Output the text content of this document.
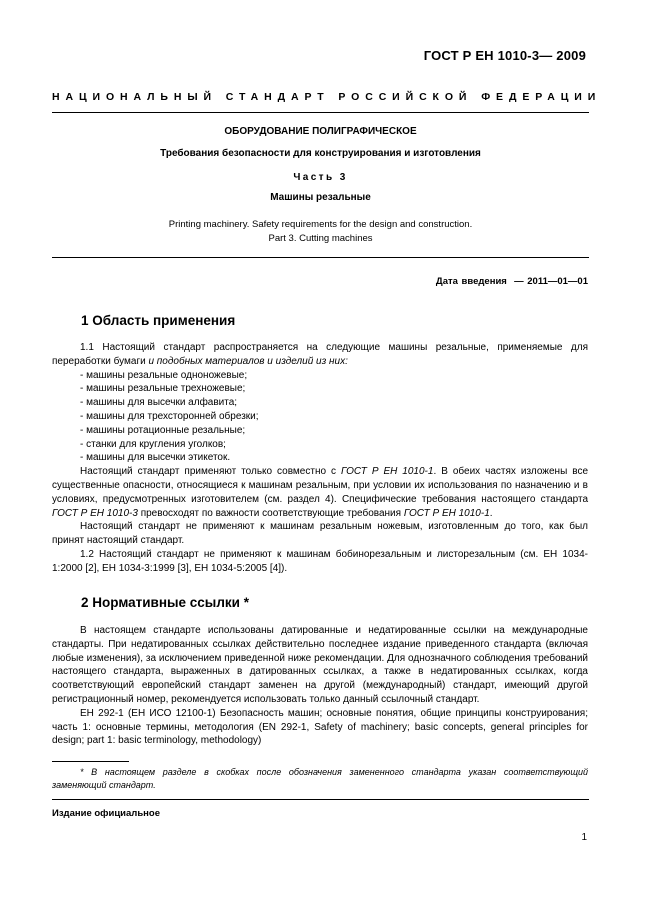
ГОСТ Р ЕН 1010-3— 2009
НАЦИОНАЛЬНЫЙ СТАНДАРТ РОССИЙСКОЙ ФЕДЕРАЦИИ
ОБОРУДОВАНИЕ ПОЛИГРАФИЧЕСКОЕ
Требования безопасности для конструирования и изготовления
Часть 3
Машины резальные
Printing machinery. Safety requirements for the design and construction.
Part 3. Cutting machines
Дата введения — 2011—01—01
1 Область применения

1.1 Настоящий стандарт распространяется на следующие машины резальные, применяемые для переработки бумаги и подобных материалов и изделий из них:

- машины резальные одноножевые;
- машины резальные трехножевые;
- машины для высечки алфавита;
- машины для трехсторонней обрезки;
- машины ротационные резальные;
- станки для кругления уголков;
- машины для высечки этикеток.

Настоящий стандарт применяют только совместно с ГОСТ Р ЕН 1010-1. В обеих частях изложены все существенные опасности, относящиеся к машинам резальным, при условии их использования по назначению и в условиях, предусмотренных изготовителем (см. раздел 4). Специфические требования настоящего стандарта ГОСТ Р ЕН 1010-3 превосходят по важности соответствующие требования ГОСТ Р ЕН 1010-1.

Настоящий стандарт не применяют к машинам резальным ножевым, изготовленным до того, как был принят настоящий стандарт.

1.2 Настоящий стандарт не применяют к машинам бобинорезальным и листорезальным (см. ЕН 1034-1:2000 [2], ЕН 1034-3:1999 [3], ЕН 1034-5:2005 [4]).

2 Нормативные ссылки *

В настоящем стандарте использованы датированные и недатированные ссылки на международные стандарты. При недатированных ссылках действительно последнее издание приведенного стандарта (включая любые изменения), за исключением приведенной ниже рекомендации. Для однозначного соблюдения требований настоящего стандарта, выраженных в датированных ссылках, а также в недатированных ссылках, когда соответствующий европейский стандарт заменен на другой (международный) стандарт, имеющий другой регистрационный номер, рекомендуется использовать только данный ссылочный стандарт.

ЕН 292-1 (ЕН ИСО 12100-1) Безопасность машин; основные понятия, общие принципы конструирования; часть 1: основные термины, методология (EN 292-1, Safety of machinery; basic concepts, general principles for design; part 1: basic terminology, methodology)

* В настоящем разделе в скобках после обозначения замененного стандарта указан соответствующий заменяющий стандарт.

Издание официальное
1
